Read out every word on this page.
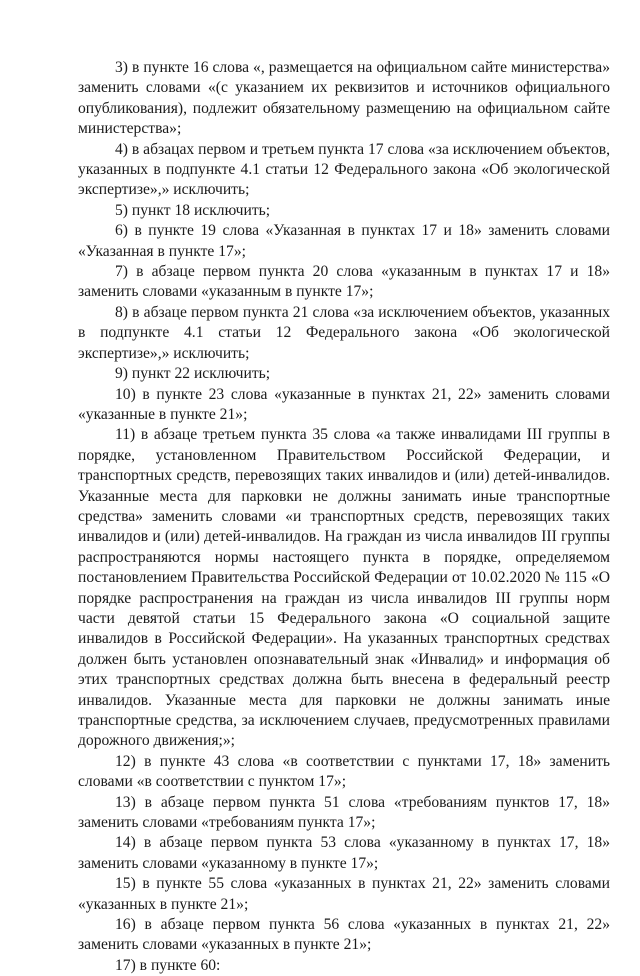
3) в пункте 16 слова «, размещается на официальном сайте министерства» заменить словами «(с указанием их реквизитов и источников официального опубликования), подлежит обязательному размещению на официальном сайте министерства»;

4) в абзацах первом и третьем пункта 17 слова «за исключением объектов, указанных в подпункте 4.1 статьи 12 Федерального закона «Об экологической экспертизе»,» исключить;

5) пункт 18 исключить;

6) в пункте 19 слова «Указанная в пунктах 17 и 18» заменить словами «Указанная в пункте 17»;

7) в абзаце первом пункта 20 слова «указанным в пунктах 17 и 18» заменить словами «указанным в пункте 17»;

8) в абзаце первом пункта 21 слова «за исключением объектов, указанных в подпункте 4.1 статьи 12 Федерального закона «Об экологической экспертизе»,» исключить;

9) пункт 22 исключить;

10) в пункте 23 слова «указанные в пунктах 21, 22» заменить словами «указанные в пункте 21»;

11) в абзаце третьем пункта 35 слова «а также инвалидами III группы в порядке, установленном Правительством Российской Федерации, и транспортных средств, перевозящих таких инвалидов и (или) детей-инвалидов. Указанные места для парковки не должны занимать иные транспортные средства» заменить словами «и транспортных средств, перевозящих таких инвалидов и (или) детей-инвалидов. На граждан из числа инвалидов III группы распространяются нормы настоящего пункта в порядке, определяемом постановлением Правительства Российской Федерации от 10.02.2020 № 115 «О порядке распространения на граждан из числа инвалидов III группы норм части девятой статьи 15 Федерального закона «О социальной защите инвалидов в Российской Федерации». На указанных транспортных средствах должен быть установлен опознавательный знак «Инвалид» и информация об этих транспортных средствах должна быть внесена в федеральный реестр инвалидов. Указанные места для парковки не должны занимать иные транспортные средства, за исключением случаев, предусмотренных правилами дорожного движения;»;

12) в пункте 43 слова «в соответствии с пунктами 17, 18» заменить словами «в соответствии с пунктом 17»;

13) в абзаце первом пункта 51 слова «требованиям пунктов 17, 18» заменить словами «требованиям пункта 17»;

14) в абзаце первом пункта 53 слова «указанному в пунктах 17, 18» заменить словами «указанному в пункте 17»;

15) в пункте 55 слова «указанных в пунктах 21, 22» заменить словами «указанных в пункте 21»;

16) в абзаце первом пункта 56 слова «указанных в пунктах 21, 22» заменить словами «указанных в пункте 21»;

17) в пункте 60:
